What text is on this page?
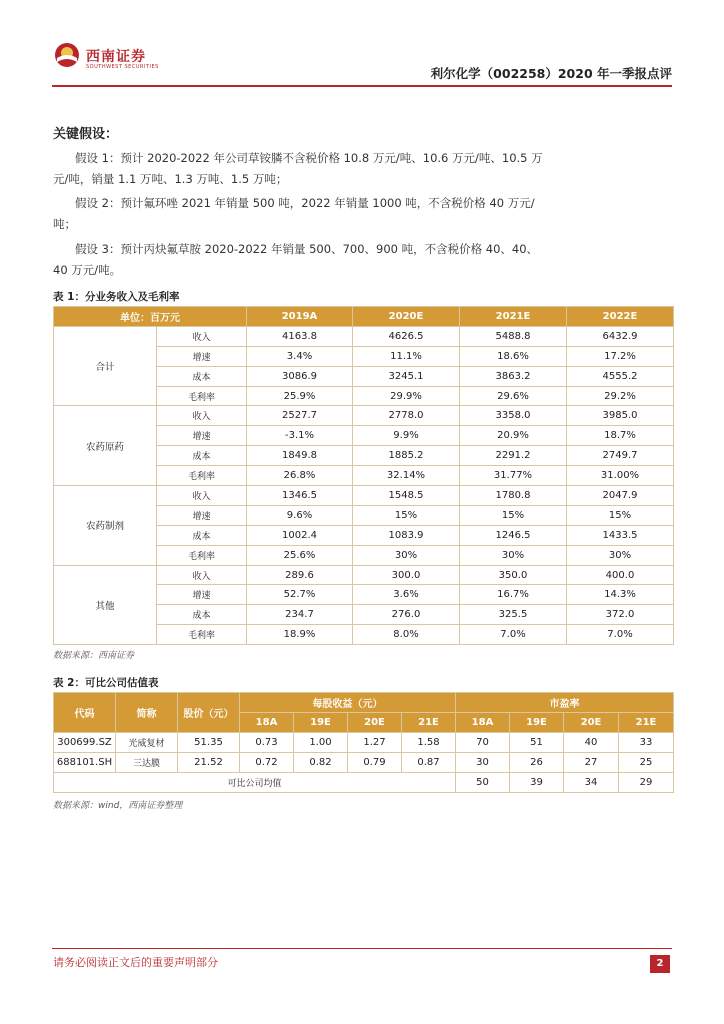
西南证券
SOUTHWEST SECURITIES	利尔化学（002258）2020 年一季报点评
关键假设：
假设 1：预计 2020-2022 年公司草铵膦不含税价格 10.8 万元/吨、10.6 万元/吨、10.5 万元/吨，销量 1.1 万吨、1.3 万吨、1.5 万吨；
假设 2：预计氟环唑 2021 年销量 500 吨，2022 年销量 1000 吨，不含税价格 40 万元/吨；
假设 3：预计丙炔氟草胺 2020-2022 年销量 500、700、900 吨，不含税价格 40、40、40 万元/吨。
表 1：分业务收入及毛利率
单位：百万元		2019A	2020E	2021E	2022E
合计	收入	4163.8	4626.5	5488.8	6432.9
	增速	3.4%	11.1%	18.6%	17.2%
	成本	3086.9	3245.1	3863.2	4555.2
	毛利率	25.9%	29.9%	29.6%	29.2%
农药原药	收入	2527.7	2778.0	3358.0	3985.0
	增速	-3.1%	9.9%	20.9%	18.7%
	成本	1849.8	1885.2	2291.2	2749.7
	毛利率	26.8%	32.14%	31.77%	31.00%
农药制剂	收入	1346.5	1548.5	1780.8	2047.9
	增速	9.6%	15%	15%	15%
	成本	1002.4	1083.9	1246.5	1433.5
	毛利率	25.6%	30%	30%	30%
其他	收入	289.6	300.0	350.0	400.0
	增速	52.7%	3.6%	16.7%	14.3%
	成本	234.7	276.0	325.5	372.0
	毛利率	18.9%	8.0%	7.0%	7.0%
数据来源：西南证券
表 2：可比公司估值表
代码	简称	股价（元）	每股收益（元）				市盈率			
			18A	19E	20E	21E	18A	19E	20E	21E
300699.SZ	光威复材	51.35	0.73	1.00	1.27	1.58	70	51	40	33
688101.SH	三达膜	21.52	0.72	0.82	0.79	0.87	30	26	27	25
可比公司均值							50	39	34	29
数据来源：wind，西南证券整理
请务必阅读正文后的重要声明部分	2
